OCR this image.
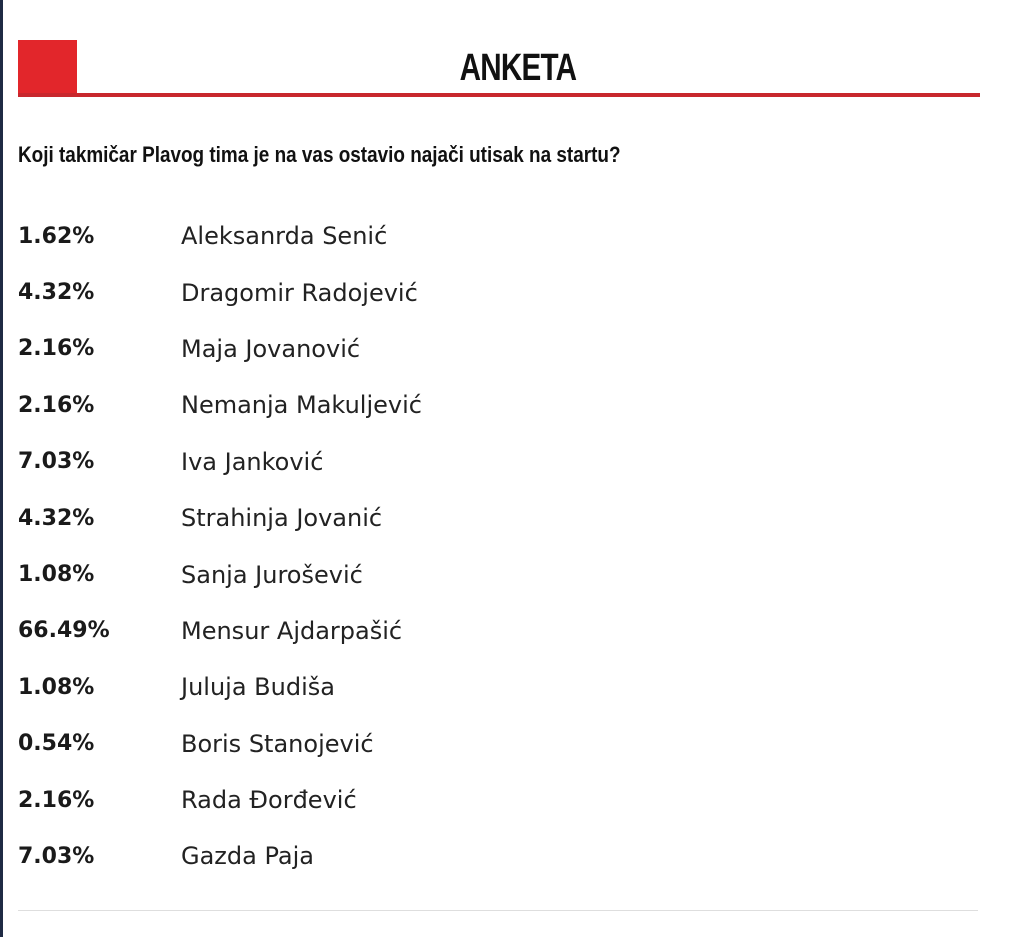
ANKETA
Koji takmičar Plavog tima je na vas ostavio najači utisak na startu?
1.62%	Aleksanrda Senić
4.32%	Dragomir Radojević
2.16%	Maja Jovanović
2.16%	Nemanja Makuljević
7.03%	Iva Janković
4.32%	Strahinja Jovanić
1.08%	Sanja Jurošević
66.49%	Mensur Ajdarpašić
1.08%	Juluja Budiša
0.54%	Boris Stanojević
2.16%	Rada Đorđević
7.03%	Gazda Paja
